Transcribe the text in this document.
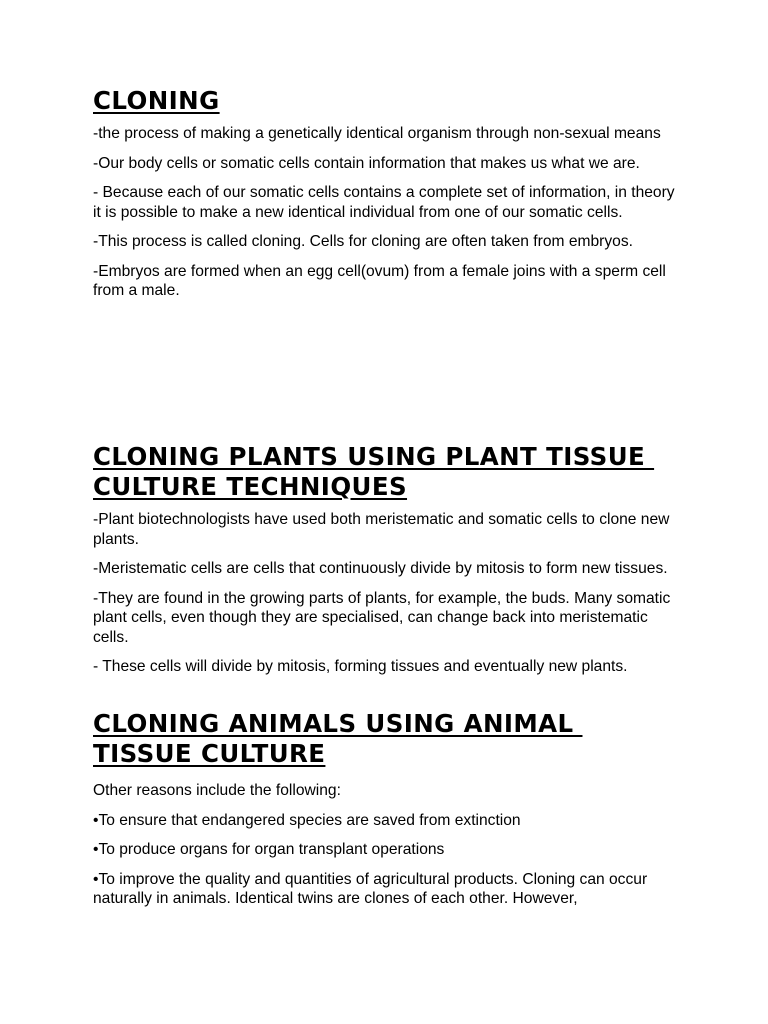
CLONING

-the process of making a genetically identical organism through non-sexual means

-Our body cells or somatic cells contain information that makes us what we are.

- Because each of our somatic cells contains a complete set of information, in theory it is possible to make a new identical individual from one of our somatic cells.

-This process is called cloning. Cells for cloning are often taken from embryos.

-Embryos are formed when an egg cell(ovum) from a female joins with a sperm cell from a male.

CLONING PLANTS USING PLANT TISSUE
CULTURE TECHNIQUES

-Plant biotechnologists have used both meristematic and somatic cells to clone new plants.

-Meristematic cells are cells that continuously divide by mitosis to form new tissues.

-They are found in the growing parts of plants, for example, the buds. Many somatic plant cells, even though they are specialised, can change back into meristematic cells.

- These cells will divide by mitosis, forming tissues and eventually new plants.

CLONING ANIMALS USING ANIMAL
TISSUE CULTURE

Other reasons include the following:

•To ensure that endangered species are saved from extinction

•To produce organs for organ transplant operations

•To improve the quality and quantities of agricultural products. Cloning can occur naturally in animals. Identical twins are clones of each other. However,
